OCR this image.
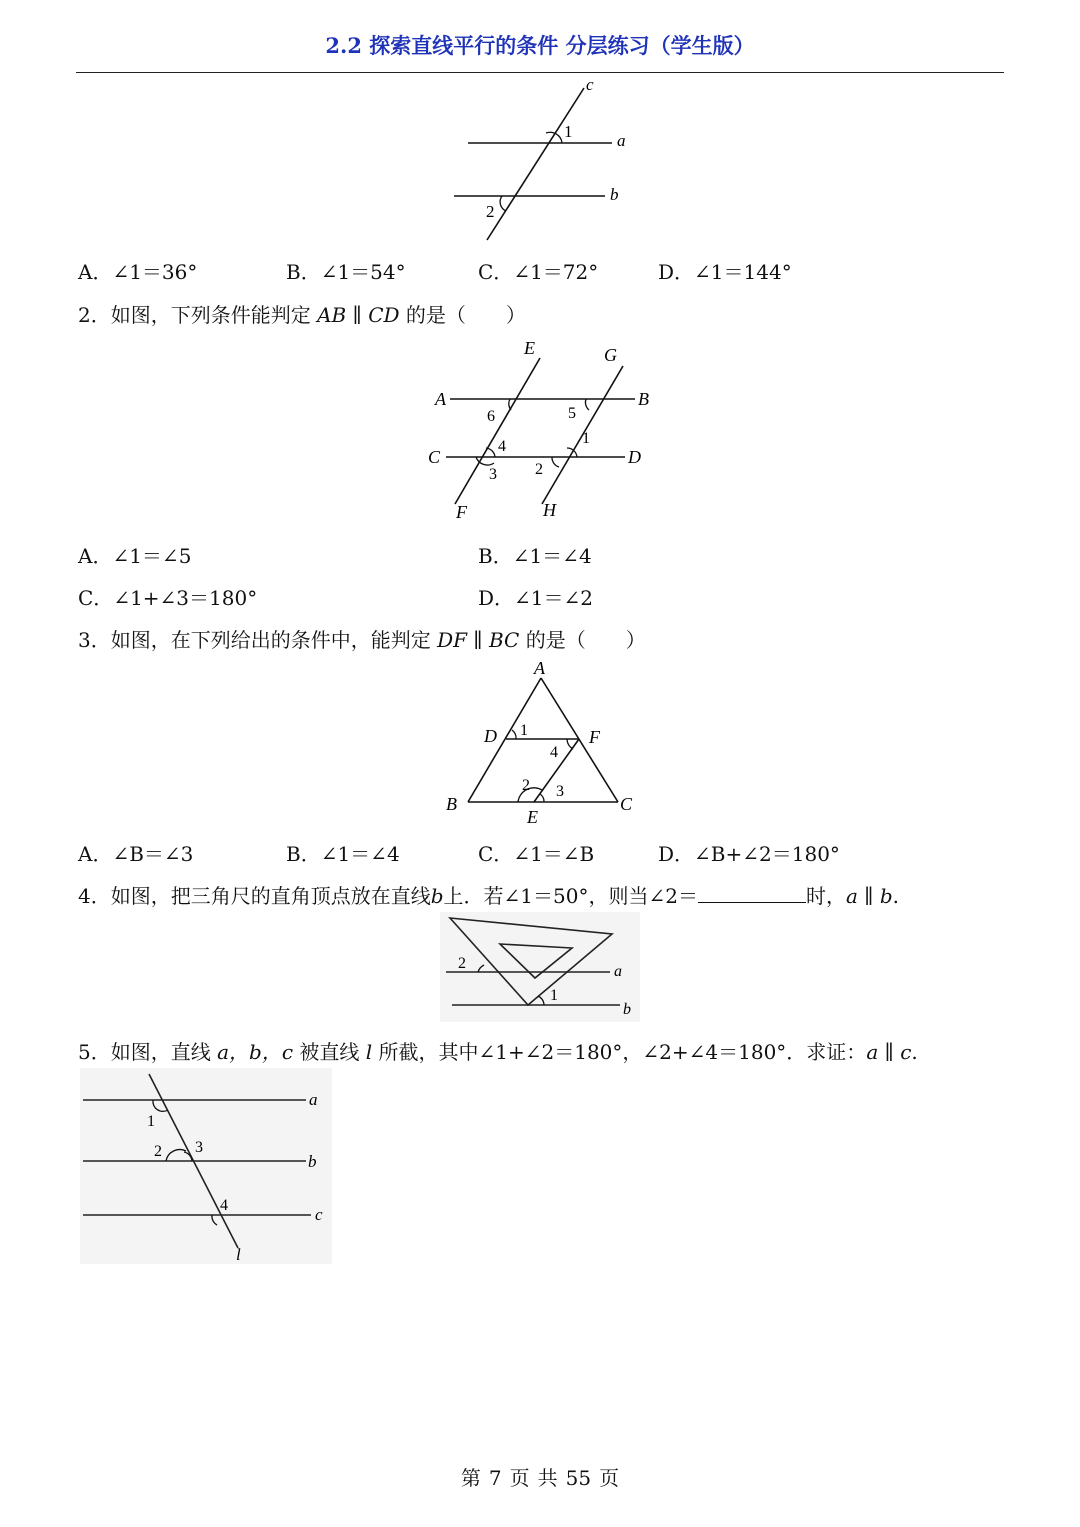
2.2 探索直线平行的条件 分层练习（学生版）
c
a
b
1
2
A．∠1＝36°	B．∠1＝54°	C．∠1＝72°	D．∠1＝144°
2．如图，下列条件能判定 AB ∥ CD 的是（　　）
E	G
A	B
C	D
F	H
6	5
4
3
1
2
A．∠1＝∠5	B．∠1＝∠4
C．∠1+∠3＝180°	D．∠1＝∠2
3．如图，在下列给出的条件中，能判定 DF ∥ BC 的是（　　）
A
D	F
B	C
E
1
4
2 3
A．∠B＝∠3	B．∠1＝∠4	C．∠1＝∠B	D．∠B+∠2＝180°
4．如图，把三角尺的直角顶点放在直线b上．若∠1＝50°，则当∠2＝	时，a ∥ b.
a
b
2
1
5．如图，直线 a，b，c 被直线 l 所截，其中∠1+∠2＝180°，∠2+∠4＝180°．求证：a ∥ c.
a
b
c
l
1
2 3
4
第 7 页 共 55 页
